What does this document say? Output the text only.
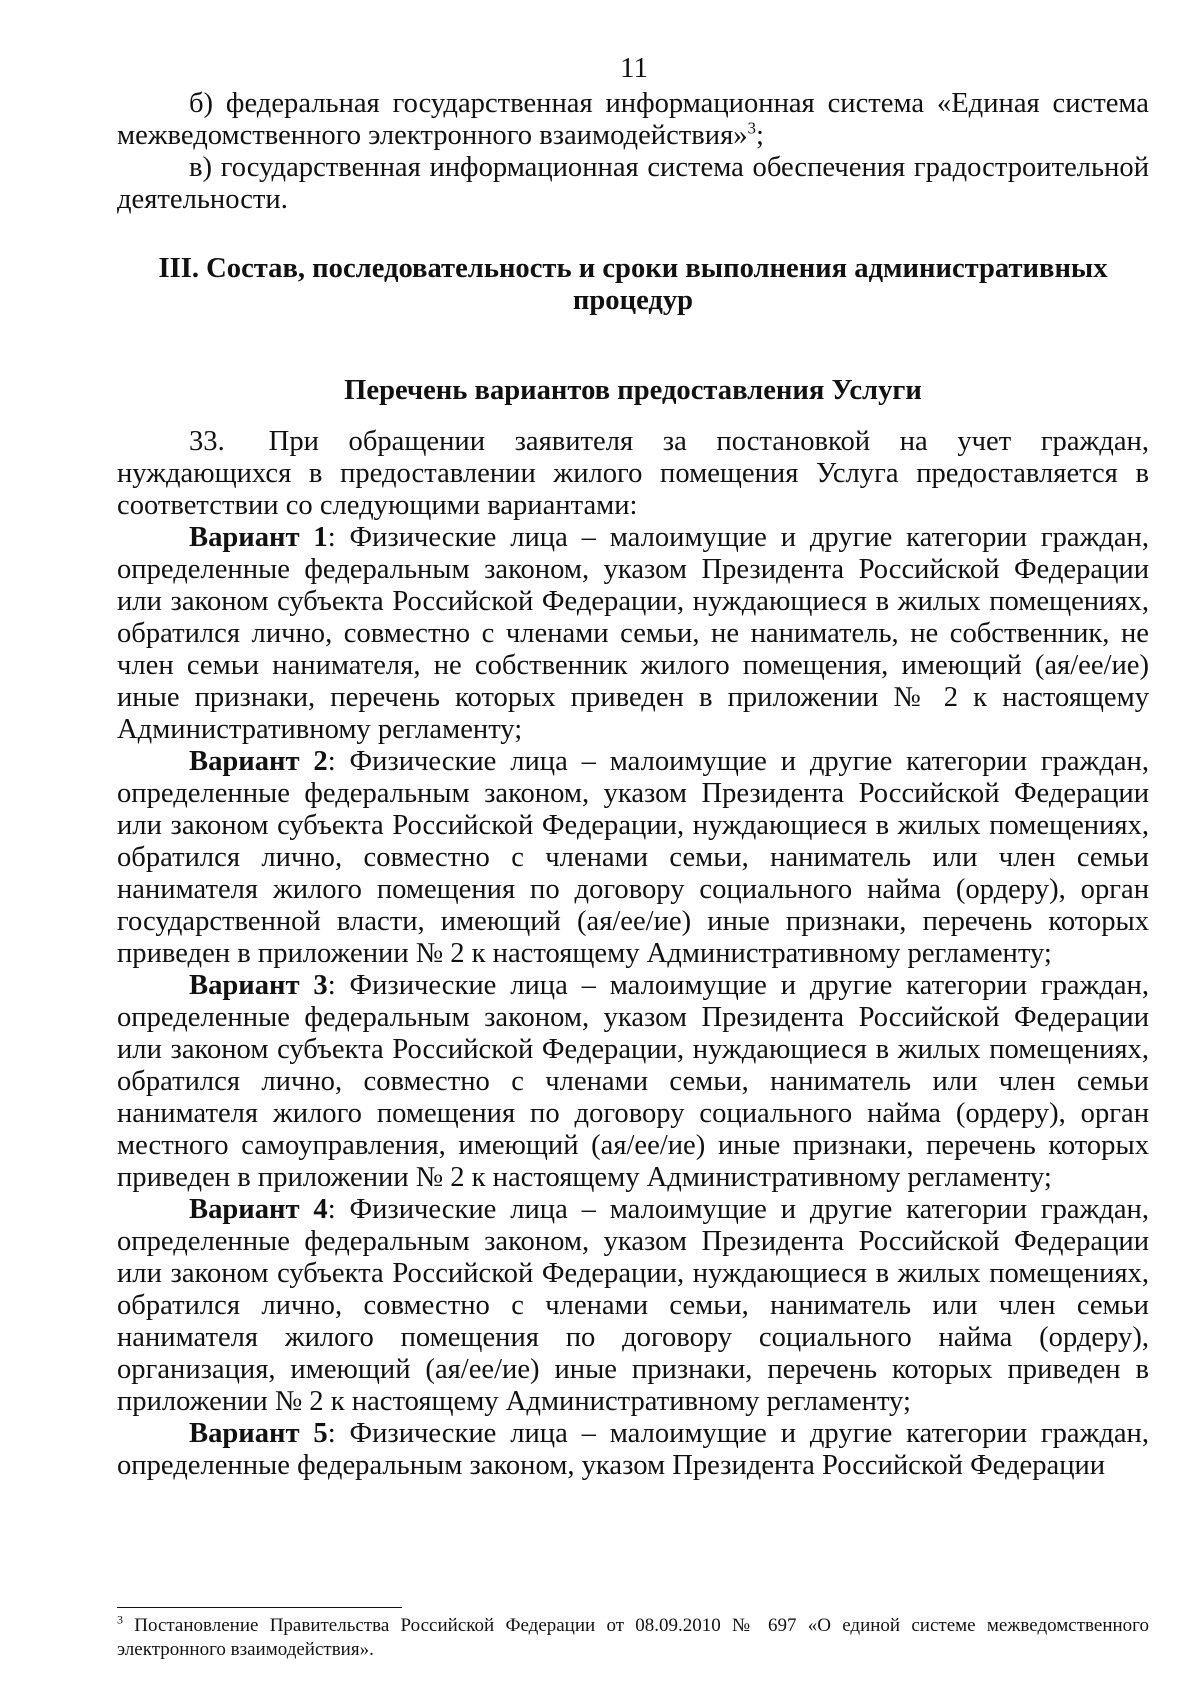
11

б) федеральная государственная информационная система «Единая система межведомственного электронного взаимодействия»$^3$;

в) государственная информационная система обеспечения градостроительной деятельности.

III. Состав, последовательность и сроки выполнения административных процедур
Перечень вариантов предоставления Услуги

33.  При обращении заявителя за постановкой на учет граждан, нуждающихся в предоставлении жилого помещения Услуга предоставляется в соответствии со следующими вариантами:

Вариант 1: Физические лица – малоимущие и другие категории граждан, определенные федеральным законом, указом Президента Российской Федерации или законом субъекта Российской Федерации, нуждающиеся в жилых помещениях, обратился лично, совместно с членами семьи, не наниматель, не собственник, не член семьи нанимателя, не собственник жилого помещения, имеющий (ая/ее/ие) иные признаки, перечень которых приведен в приложении № 2 к настоящему Административному регламенту;

Вариант 2: Физические лица – малоимущие и другие категории граждан, определенные федеральным законом, указом Президента Российской Федерации или законом субъекта Российской Федерации, нуждающиеся в жилых помещениях, обратился лично, совместно с членами семьи, наниматель или член семьи нанимателя жилого помещения по договору социального найма (ордеру), орган государственной власти, имеющий (ая/ее/ие) иные признаки, перечень которых приведен в приложении № 2 к настоящему Административному регламенту;

Вариант 3: Физические лица – малоимущие и другие категории граждан, определенные федеральным законом, указом Президента Российской Федерации или законом субъекта Российской Федерации, нуждающиеся в жилых помещениях, обратился лично, совместно с членами семьи, наниматель или член семьи нанимателя жилого помещения по договору социального найма (ордеру), орган местного самоуправления, имеющий (ая/ее/ие) иные признаки, перечень которых приведен в приложении № 2 к настоящему Административному регламенту;

Вариант 4: Физические лица – малоимущие и другие категории граждан, определенные федеральным законом, указом Президента Российской Федерации или законом субъекта Российской Федерации, нуждающиеся в жилых помещениях, обратился лично, совместно с членами семьи, наниматель или член семьи нанимателя жилого помещения по договору социального найма (ордеру), организация, имеющий (ая/ее/ие) иные признаки, перечень которых приведен в приложении № 2 к настоящему Административному регламенту;

Вариант 5: Физические лица – малоимущие и другие категории граждан, определенные федеральным законом, указом Президента Российской Федерации

$^3$ Постановление Правительства Российской Федерации от 08.09.2010 № 697 «О единой системе межведомственного электронного взаимодействия».
